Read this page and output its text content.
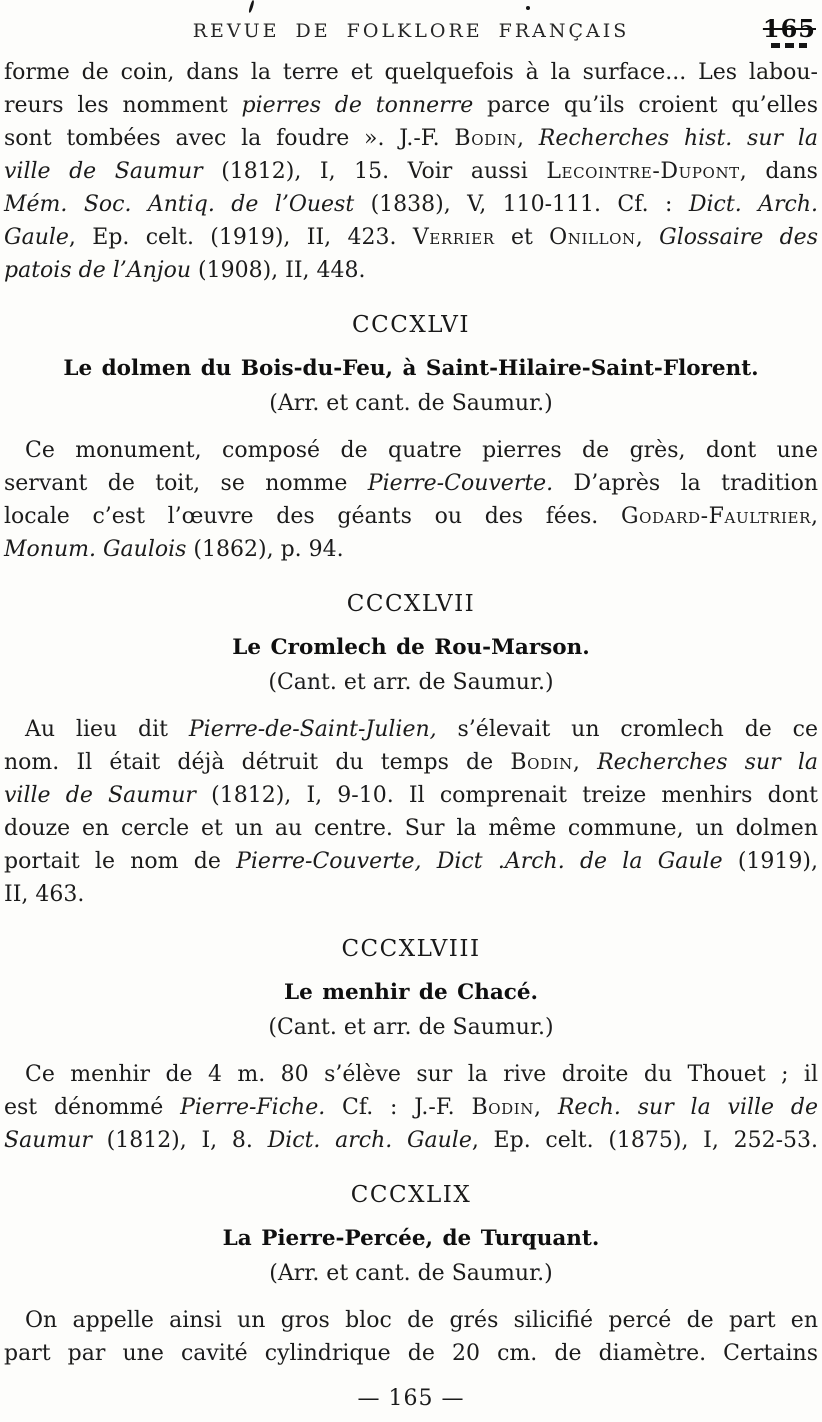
REVUE DE FOLKLORE FRANÇAIS	165
forme de coin, dans la terre et quelquefois à la surface... Les labou-
reurs les nomment pierres de tonnerre parce qu’ils croient qu’elles
sont tombées avec la foudre ». J.-F. Bodin, Recherches hist. sur la
ville de Saumur (1812), I, 15. Voir aussi Lecointre-Dupont, dans
Mém. Soc. Antiq. de l’Ouest (1838), V, 110-111. Cf. : Dict. Arch.
Gaule, Ep. celt. (1919), II, 423. Verrier et Onillon, Glossaire des
patois de l’Anjou (1908), II, 448.
CCCXLVI
Le dolmen du Bois-du-Feu, à Saint-Hilaire-Saint-Florent.
(Arr. et cant. de Saumur.)
Ce monument, composé de quatre pierres de grès, dont une
servant de toit, se nomme Pierre-Couverte. D’après la tradition
locale c’est l’œuvre des géants ou des fées. Godard-Faultrier,
Monum. Gaulois (1862), p. 94.
CCCXLVII
Le Cromlech de Rou-Marson.
(Cant. et arr. de Saumur.)
Au lieu dit Pierre-de-Saint-Julien, s’élevait un cromlech de ce
nom. Il était déjà détruit du temps de Bodin, Recherches sur la
ville de Saumur (1812), I, 9-10. Il comprenait treize menhirs dont
douze en cercle et un au centre. Sur la même commune, un dolmen
portait le nom de Pierre-Couverte, Dict .Arch. de la Gaule (1919),
II, 463.
CCCXLVIII
Le menhir de Chacé.
(Cant. et arr. de Saumur.)
Ce menhir de 4 m. 80 s’élève sur la rive droite du Thouet ; il
est dénommé Pierre-Fiche. Cf. : J.-F. Bodin, Rech. sur la ville de
Saumur (1812), I, 8. Dict. arch. Gaule, Ep. celt. (1875), I, 252-53.
CCCXLIX
La Pierre-Percée, de Turquant.
(Arr. et cant. de Saumur.)
On appelle ainsi un gros bloc de grés silicifié percé de part en
part par une cavité cylindrique de 20 cm. de diamètre. Certains
— 165 —
